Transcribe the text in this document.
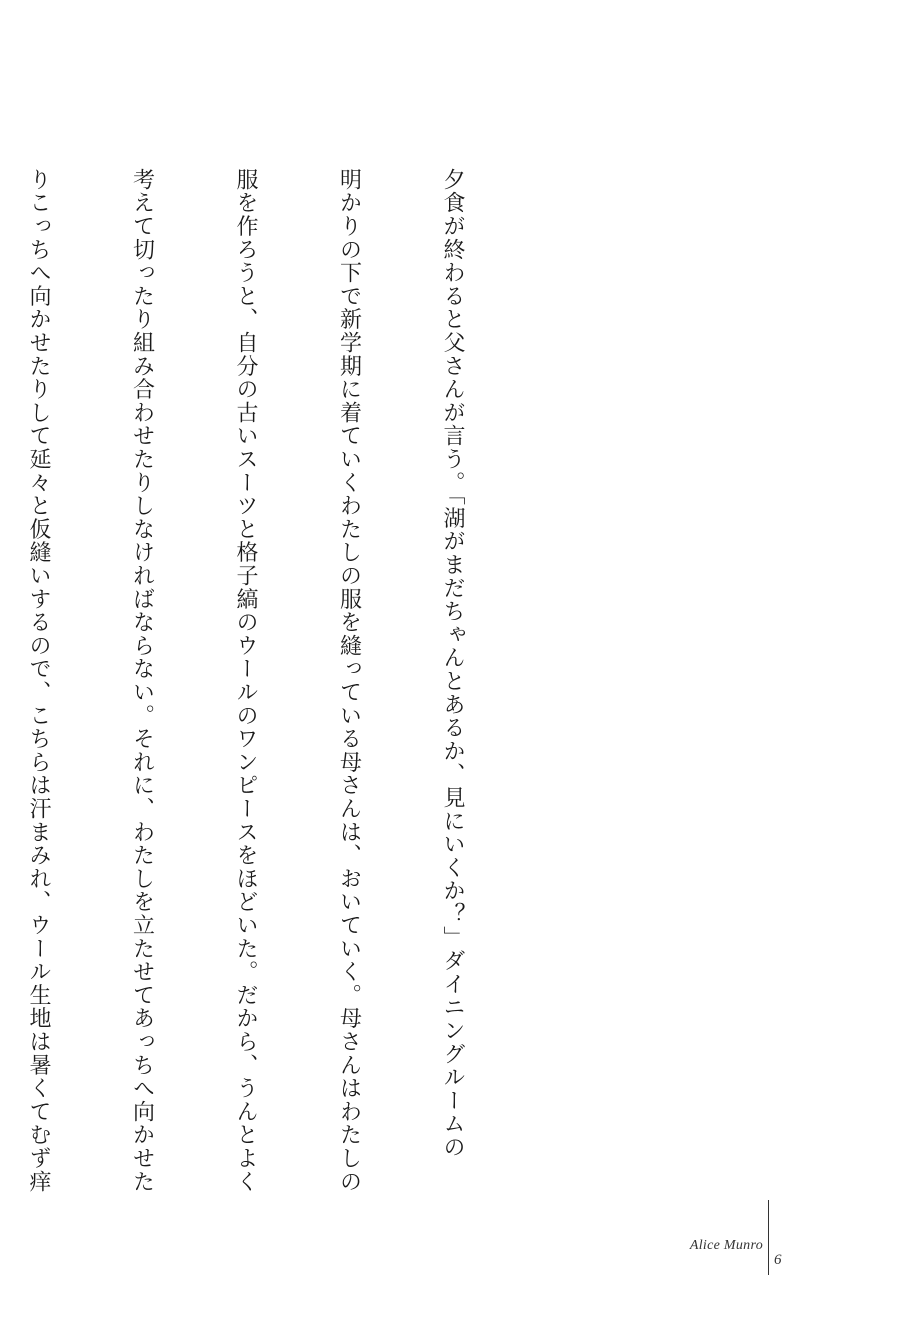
夕食が終わると父さんが言う。「湖がまだちゃんとあるか、見にいくか？」ダイニングルームの

明かりの下で新学期に着ていくわたしの服を縫っている母さんは、おいていく。母さんはわたしの

服を作ろうと、自分の古いスーツと格子縞のウールのワンピースをほどいた。だから、うんとよく

考えて切ったり組み合わせたりしなければならない。それに、わたしを立たせてあっちへ向かせた

りこっちへ向かせたりして延々と仮縫いするので、こちらは汗まみれ、ウール生地は暑くてむず痒

Alice Munro
6
